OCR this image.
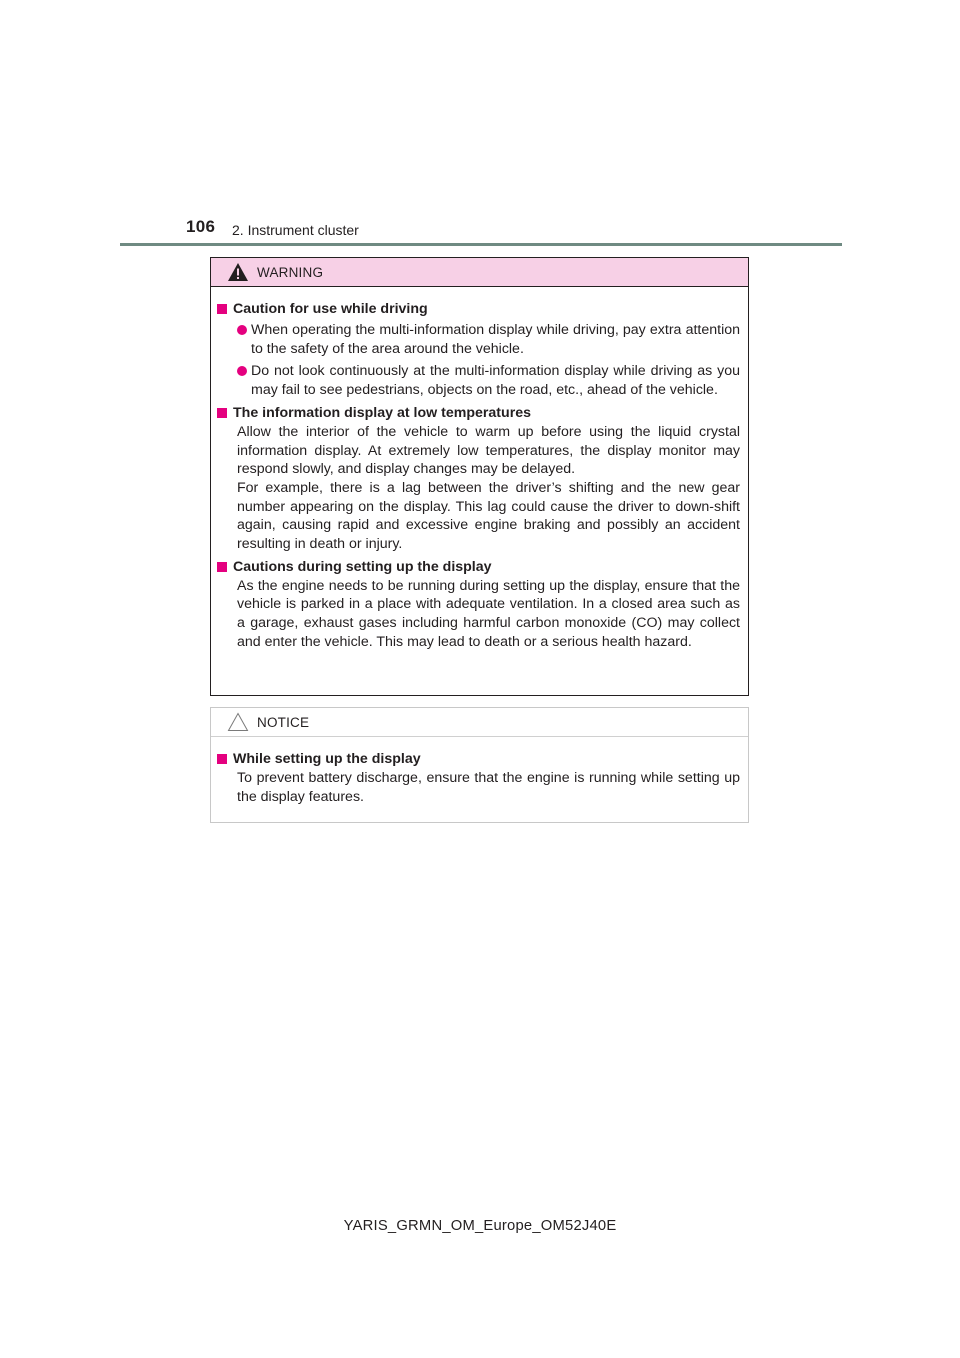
106 2. Instrument cluster
WARNING
Caution for use while driving
When operating the multi-information display while driving, pay extra attention to the safety of the area around the vehicle.
Do not look continuously at the multi-information display while driving as you may fail to see pedestrians, objects on the road, etc., ahead of the vehicle.
The information display at low temperatures
Allow the interior of the vehicle to warm up before using the liquid crystal information display. At extremely low temperatures, the display monitor may respond slowly, and display changes may be delayed.
For example, there is a lag between the driver’s shifting and the new gear number appearing on the display. This lag could cause the driver to down-shift again, causing rapid and excessive engine braking and possibly an accident resulting in death or injury.
Cautions during setting up the display
As the engine needs to be running during setting up the display, ensure that the vehicle is parked in a place with adequate ventilation. In a closed area such as a garage, exhaust gases including harmful carbon monoxide (CO) may collect and enter the vehicle. This may lead to death or a serious health hazard.
NOTICE
While setting up the display
To prevent battery discharge, ensure that the engine is running while setting up the display features.
YARIS_GRMN_OM_Europe_OM52J40E
